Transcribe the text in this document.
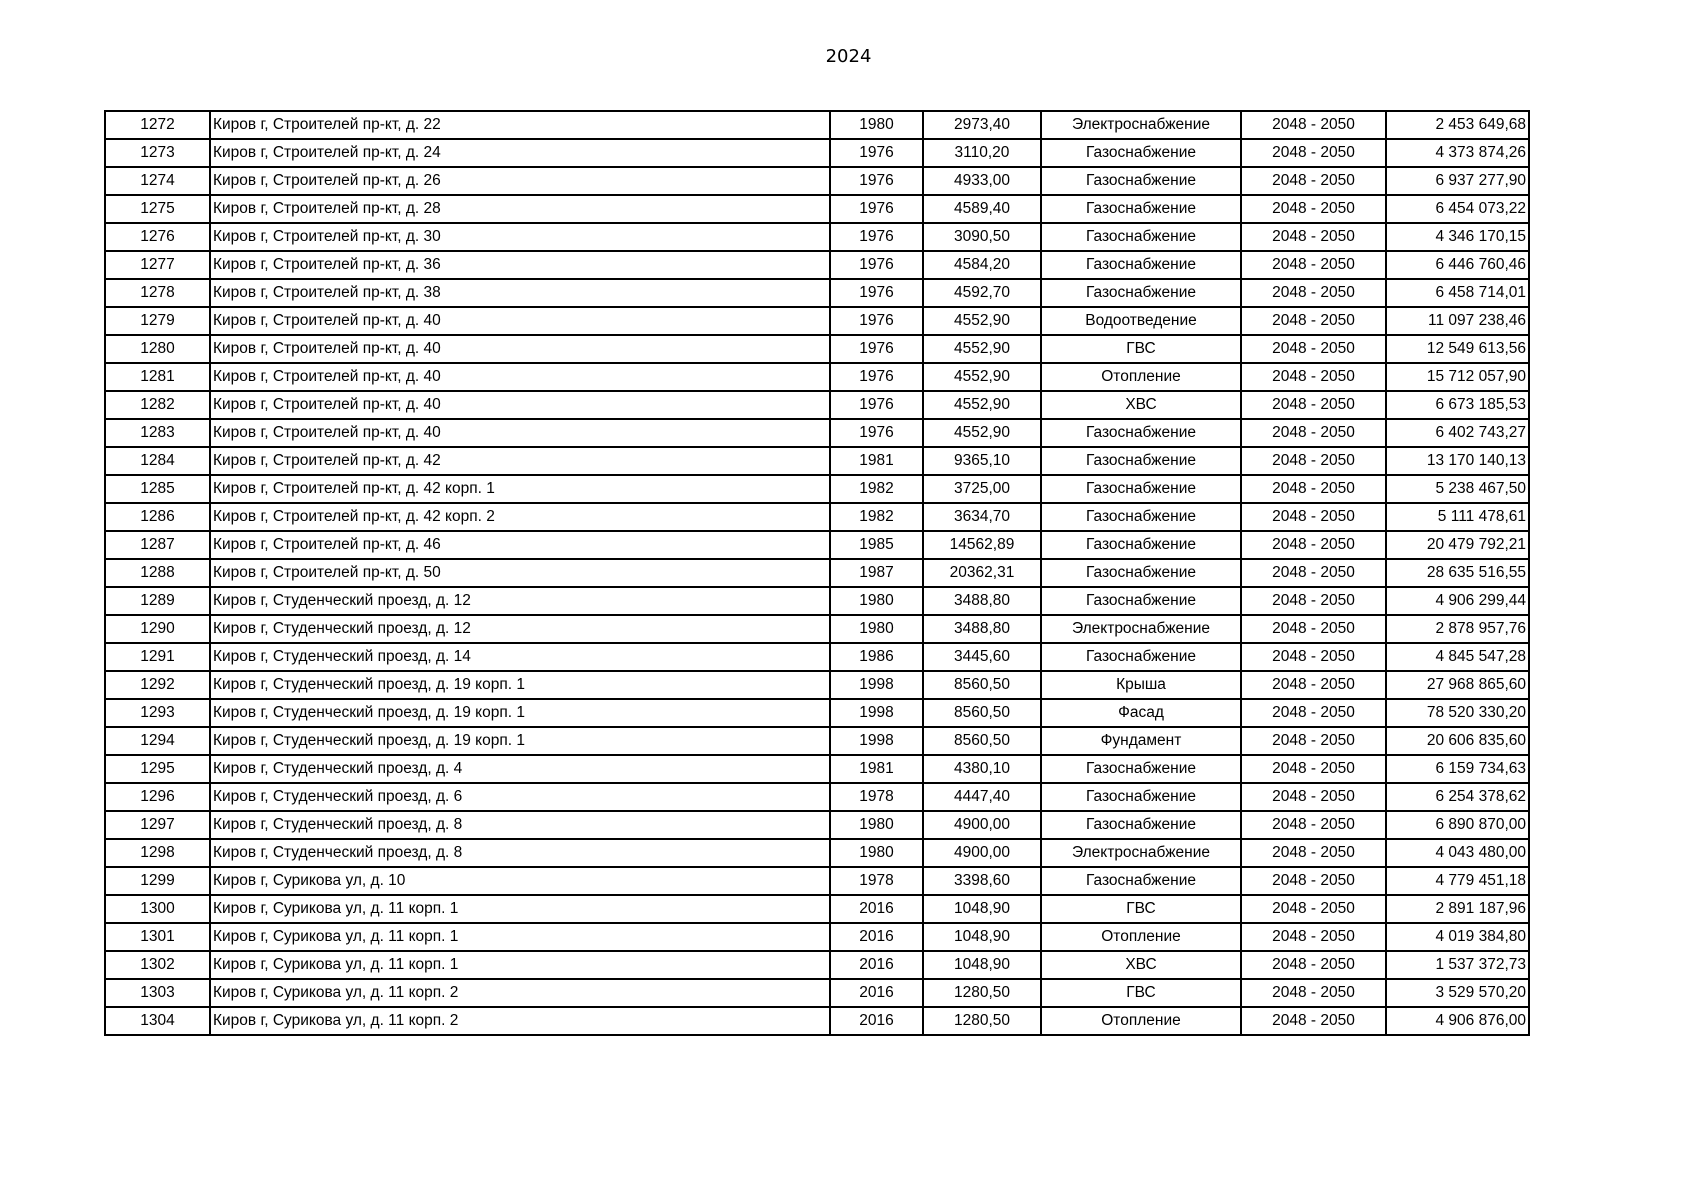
2024
1272	Киров г, Строителей пр-кт, д. 22	1980	2973,40	Электроснабжение	2048 - 2050	2 453 649,68
1273	Киров г, Строителей пр-кт, д. 24	1976	3110,20	Газоснабжение	2048 - 2050	4 373 874,26
1274	Киров г, Строителей пр-кт, д. 26	1976	4933,00	Газоснабжение	2048 - 2050	6 937 277,90
1275	Киров г, Строителей пр-кт, д. 28	1976	4589,40	Газоснабжение	2048 - 2050	6 454 073,22
1276	Киров г, Строителей пр-кт, д. 30	1976	3090,50	Газоснабжение	2048 - 2050	4 346 170,15
1277	Киров г, Строителей пр-кт, д. 36	1976	4584,20	Газоснабжение	2048 - 2050	6 446 760,46
1278	Киров г, Строителей пр-кт, д. 38	1976	4592,70	Газоснабжение	2048 - 2050	6 458 714,01
1279	Киров г, Строителей пр-кт, д. 40	1976	4552,90	Водоотведение	2048 - 2050	11 097 238,46
1280	Киров г, Строителей пр-кт, д. 40	1976	4552,90	ГВС	2048 - 2050	12 549 613,56
1281	Киров г, Строителей пр-кт, д. 40	1976	4552,90	Отопление	2048 - 2050	15 712 057,90
1282	Киров г, Строителей пр-кт, д. 40	1976	4552,90	ХВС	2048 - 2050	6 673 185,53
1283	Киров г, Строителей пр-кт, д. 40	1976	4552,90	Газоснабжение	2048 - 2050	6 402 743,27
1284	Киров г, Строителей пр-кт, д. 42	1981	9365,10	Газоснабжение	2048 - 2050	13 170 140,13
1285	Киров г, Строителей пр-кт, д. 42 корп. 1	1982	3725,00	Газоснабжение	2048 - 2050	5 238 467,50
1286	Киров г, Строителей пр-кт, д. 42 корп. 2	1982	3634,70	Газоснабжение	2048 - 2050	5 111 478,61
1287	Киров г, Строителей пр-кт, д. 46	1985	14562,89	Газоснабжение	2048 - 2050	20 479 792,21
1288	Киров г, Строителей пр-кт, д. 50	1987	20362,31	Газоснабжение	2048 - 2050	28 635 516,55
1289	Киров г, Студенческий проезд, д. 12	1980	3488,80	Газоснабжение	2048 - 2050	4 906 299,44
1290	Киров г, Студенческий проезд, д. 12	1980	3488,80	Электроснабжение	2048 - 2050	2 878 957,76
1291	Киров г, Студенческий проезд, д. 14	1986	3445,60	Газоснабжение	2048 - 2050	4 845 547,28
1292	Киров г, Студенческий проезд, д. 19 корп. 1	1998	8560,50	Крыша	2048 - 2050	27 968 865,60
1293	Киров г, Студенческий проезд, д. 19 корп. 1	1998	8560,50	Фасад	2048 - 2050	78 520 330,20
1294	Киров г, Студенческий проезд, д. 19 корп. 1	1998	8560,50	Фундамент	2048 - 2050	20 606 835,60
1295	Киров г, Студенческий проезд, д. 4	1981	4380,10	Газоснабжение	2048 - 2050	6 159 734,63
1296	Киров г, Студенческий проезд, д. 6	1978	4447,40	Газоснабжение	2048 - 2050	6 254 378,62
1297	Киров г, Студенческий проезд, д. 8	1980	4900,00	Газоснабжение	2048 - 2050	6 890 870,00
1298	Киров г, Студенческий проезд, д. 8	1980	4900,00	Электроснабжение	2048 - 2050	4 043 480,00
1299	Киров г, Сурикова ул, д. 10	1978	3398,60	Газоснабжение	2048 - 2050	4 779 451,18
1300	Киров г, Сурикова ул, д. 11 корп. 1	2016	1048,90	ГВС	2048 - 2050	2 891 187,96
1301	Киров г, Сурикова ул, д. 11 корп. 1	2016	1048,90	Отопление	2048 - 2050	4 019 384,80
1302	Киров г, Сурикова ул, д. 11 корп. 1	2016	1048,90	ХВС	2048 - 2050	1 537 372,73
1303	Киров г, Сурикова ул, д. 11 корп. 2	2016	1280,50	ГВС	2048 - 2050	3 529 570,20
1304	Киров г, Сурикова ул, д. 11 корп. 2	2016	1280,50	Отопление	2048 - 2050	4 906 876,00
